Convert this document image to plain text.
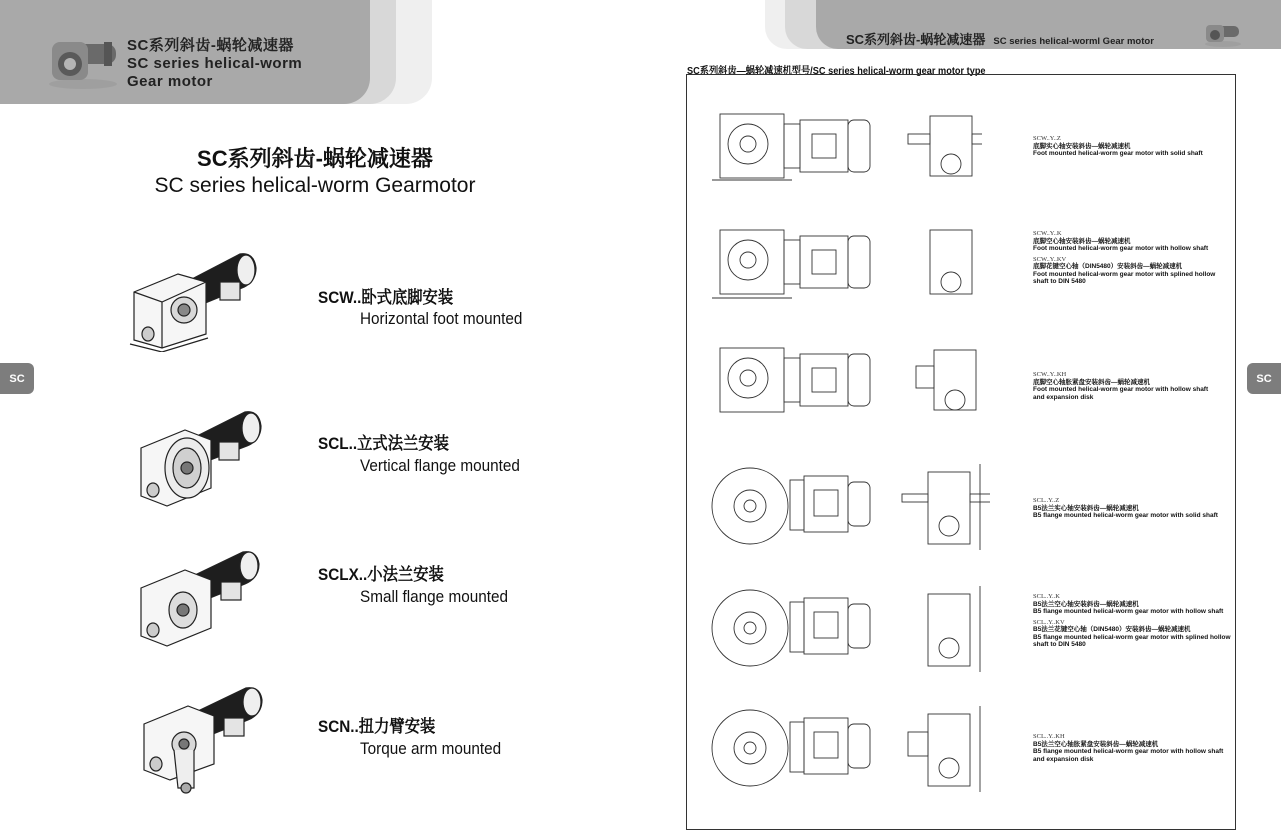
SC系列斜齿-蜗轮减速器
SC series helical-worm
Gear motor
SC系列斜齿-蜗轮减速器 SC series helical-worml Gear motor
SC系列斜齿-蜗轮减速器
SC series helical-worm Gearmotor
SC	SC
SCW..卧式底脚安装
Horizontal foot mounted
SCL..立式法兰安装
Vertical flange mounted
SCLX..小法兰安装
Small flange mounted
SCN..扭力臂安装
Torque arm mounted
SC系列斜齿—蜗轮减速机型号/SC series helical-worm gear motor type
SCW..Y..Z
底脚实心轴安装斜齿—蜗轮减速机
Foot mounted helical-worm gear motor with solid shaft
SCW..Y..K
底脚空心轴安装斜齿—蜗轮减速机
Foot mounted helical-worm gear motor with hollow shaft
SCW..Y..KV
底脚花键空心轴（DIN5480）安装斜齿—蜗轮减速机
Foot mounted helical-worm gear motor with splined hollow
shaft to DIN 5480
SCW..Y..KH
底脚空心轴胀紧盘安装斜齿—蜗轮减速机
Foot mounted helical-worm gear motor with hollow shaft
and expansion disk
SCL..Y..Z
B5法兰实心轴安装斜齿—蜗轮减速机
B5 flange mounted helical-worm gear motor with solid shaft
SCL..Y..K
B5法兰空心轴安装斜齿—蜗轮减速机
B5 flange mounted helical-worm gear motor with hollow shaft
SCL..Y..KV
B5法兰花键空心轴（DIN5480）安装斜齿—蜗轮减速机
B5 flange mounted helical-worm gear motor with splined hollow
shaft to DIN 5480
SCL..Y..KH
B5法兰空心轴胀紧盘安装斜齿—蜗轮减速机
B5 flange mounted helical-worm gear motor with hollow shaft
and expansion disk
